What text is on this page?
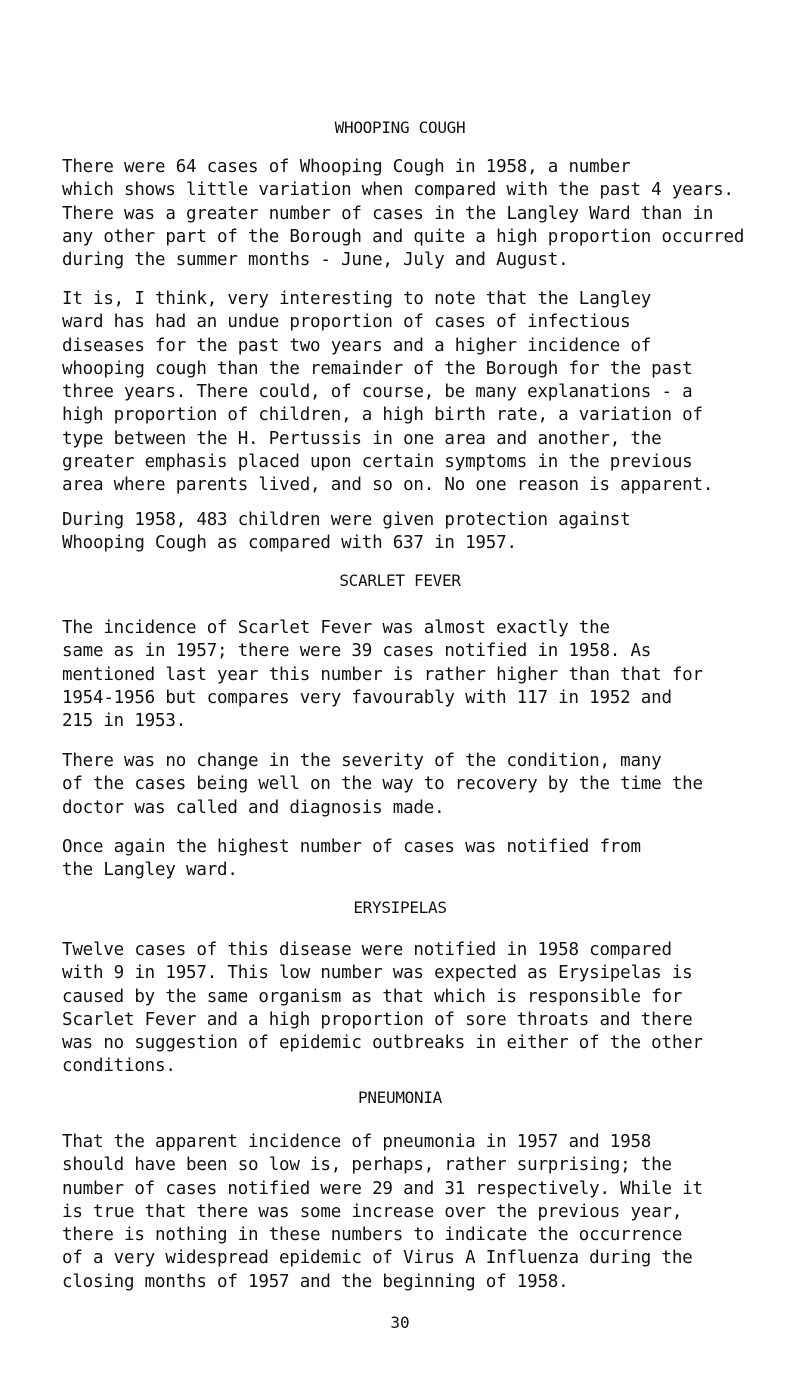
WHOOPING COUGH

There were 64 cases of Whooping Cough in 1958, a number
which shows little variation when compared with the past 4 years.
There was a greater number of cases in the Langley Ward than in
any other part of the Borough and quite a high proportion occurred
during the summer months - June, July and August.

It is, I think, very interesting to note that the Langley
ward has had an undue proportion of cases of infectious
diseases for the past two years and a higher incidence of
whooping cough than the remainder of the Borough for the past
three years. There could, of course, be many explanations - a
high proportion of children, a high birth rate, a variation of
type between the H. Pertussis in one area and another, the
greater emphasis placed upon certain symptoms in the previous
area where parents lived, and so on. No one reason is apparent.

During 1958, 483 children were given protection against
Whooping Cough as compared with 637 in 1957.

SCARLET FEVER

The incidence of Scarlet Fever was almost exactly the
same as in 1957; there were 39 cases notified in 1958. As
mentioned last year this number is rather higher than that for
1954-1956 but compares very favourably with 117 in 1952 and
215 in 1953.

There was no change in the severity of the condition, many
of the cases being well on the way to recovery by the time the
doctor was called and diagnosis made.

Once again the highest number of cases was notified from
the Langley ward.

ERYSIPELAS

Twelve cases of this disease were notified in 1958 compared
with 9 in 1957. This low number was expected as Erysipelas is
caused by the same organism as that which is responsible for
Scarlet Fever and a high proportion of sore throats and there
was no suggestion of epidemic outbreaks in either of the other
conditions.

PNEUMONIA

That the apparent incidence of pneumonia in 1957 and 1958
should have been so low is, perhaps, rather surprising; the
number of cases notified were 29 and 31 respectively. While it
is true that there was some increase over the previous year,
there is nothing in these numbers to indicate the occurrence
of a very widespread epidemic of Virus A Influenza during the
closing months of 1957 and the beginning of 1958.

30
